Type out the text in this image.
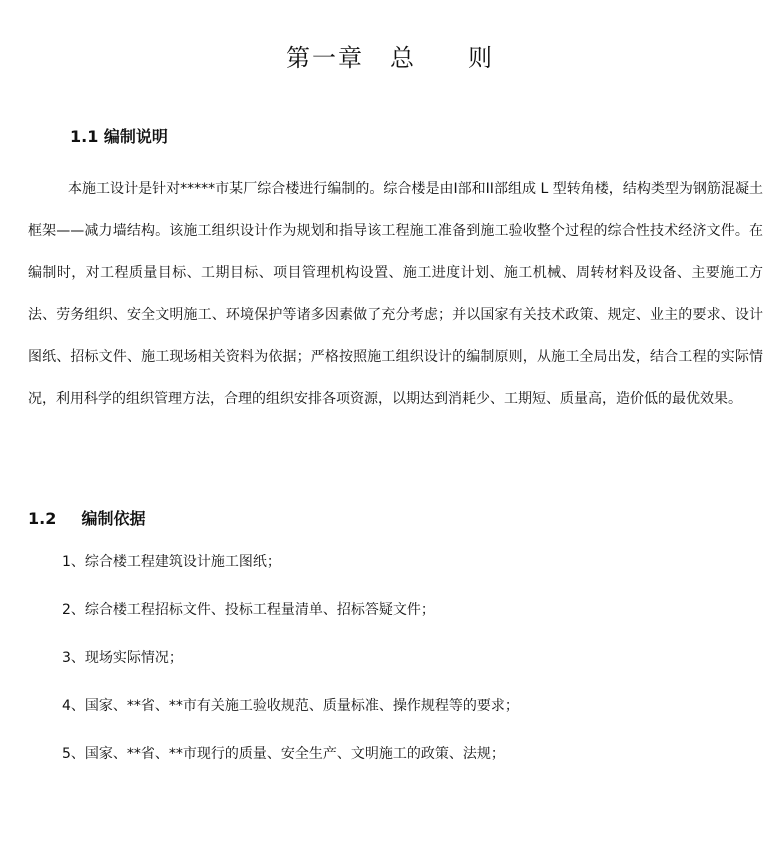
第一章 总 则
1.1 编制说明

本施工设计是针对*****市某厂综合楼进行编制的。综合楼是由I部和II部组成 L 型转角楼，结构类型为钢筋混凝土框架——减力墙结构。该施工组织设计作为规划和指导该工程施工准备到施工验收整个过程的综合性技术经济文件。在编制时，对工程质量目标、工期目标、项目管理机构设置、施工进度计划、施工机械、周转材料及设备、主要施工方法、劳务组织、安全文明施工、环境保护等诸多因素做了充分考虑；并以国家有关技术政策、规定、业主的要求、设计图纸、招标文件、施工现场相关资料为依据；严格按照施工组织设计的编制原则，从施工全局出发，结合工程的实际情况，利用科学的组织管理方法，合理的组织安排各项资源，以期达到消耗少、工期短、质量高，造价低的最优效果。

1.2 编制依据
1、综合楼工程建筑设计施工图纸；
2、综合楼工程招标文件、投标工程量清单、招标答疑文件；
3、现场实际情况；
4、国家、**省、**市有关施工验收规范、质量标准、操作规程等的要求；
5、国家、**省、**市现行的质量、安全生产、文明施工的政策、法规；
